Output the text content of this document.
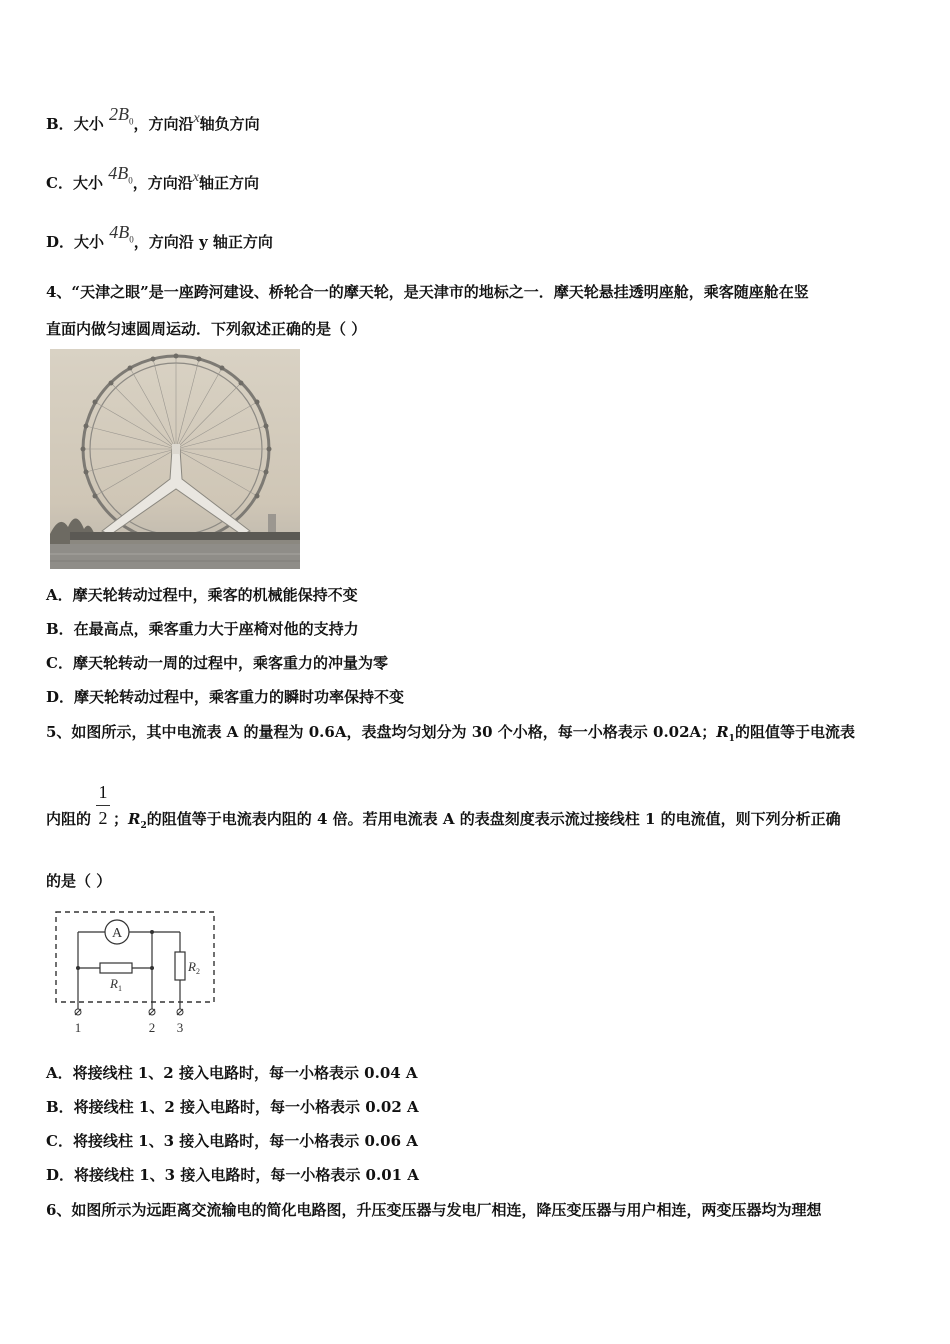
B．大小 $2B_0$，方向沿x轴负方向
C．大小 $4B_0$，方向沿x轴正方向
D．大小 $4B_0$，方向沿 y 轴正方向
4、“天津之眼”是一座跨河建设、桥轮合一的摩天轮，是天津市的地标之一．摩天轮悬挂透明座舱，乘客随座舱在竖
直面内做匀速圆周运动．下列叙述正确的是（ ）
A．摩天轮转动过程中，乘客的机械能保持不变
B．在最高点，乘客重力大于座椅对他的支持力
C．摩天轮转动一周的过程中，乘客重力的冲量为零
D．摩天轮转动过程中，乘客重力的瞬时功率保持不变
5、如图所示，其中电流表 A 的量程为 0.6A，表盘均匀划分为 30 个小格，每一小格表示 0.02A；$R_1$的阻值等于电流表
1
2
内阻的 ；$R_2$的阻值等于电流表内阻的 4 倍。若用电流表 A 的表盘刻度表示流过接线柱 1 的电流值，则下列分析正确
的是（ ）
A
$R_1$
$R_2$
1	2 3
A．将接线柱 1、2 接入电路时，每一小格表示 0.04 A
B．将接线柱 1、2 接入电路时，每一小格表示 0.02 A
C．将接线柱 1、3 接入电路时，每一小格表示 0.06 A
D．将接线柱 1、3 接入电路时，每一小格表示 0.01 A
6、如图所示为远距离交流输电的简化电路图，升压变压器与发电厂相连，降压变压器与用户相连，两变压器均为理想
